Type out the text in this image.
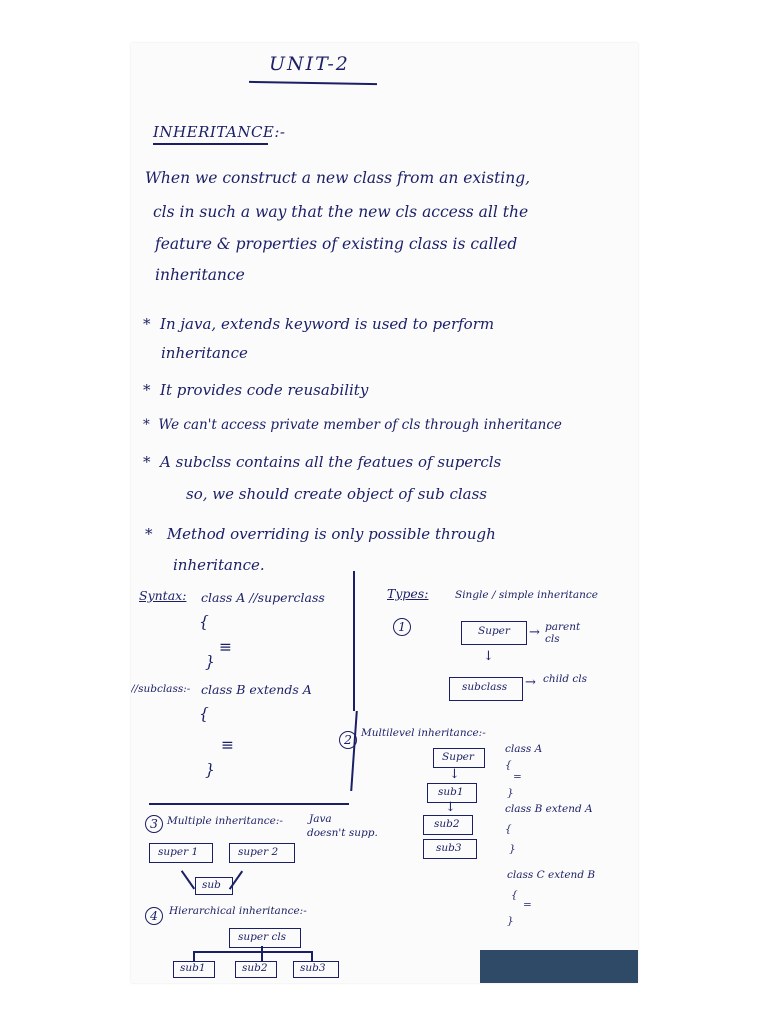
UNIT-2
INHERITANCE:-
When we construct a new class from an existing,
cls in such a way that the new cls access all the
feature & properties of existing class is called
inheritance
* In java, extends keyword is used to perform
inheritance
* It provides code reusability
* We can't access private member of cls through inheritance
* A subclss contains all the featues of supercls
so, we should create object of sub class
* Method overriding is only possible through
inheritance.
Syntax: class A //superclass
{
≡
}
//subclass:- class B extends A
{
≡
}
Types:	Single / simple inheritance
1	Super → parent cls
↓
subclass → child cls
2 Multilevel inheritance:-
Super
sub1
sub2
sub3
↓
↓
class A
{
=
}
class B extend A
{
}
class C extend B
{
=
}
3 Multiple inheritance:- Java
doesn't supp.
super 1	super 2
sub
4	Hierarchical inheritance:-
super cls
sub1	sub2	sub3
